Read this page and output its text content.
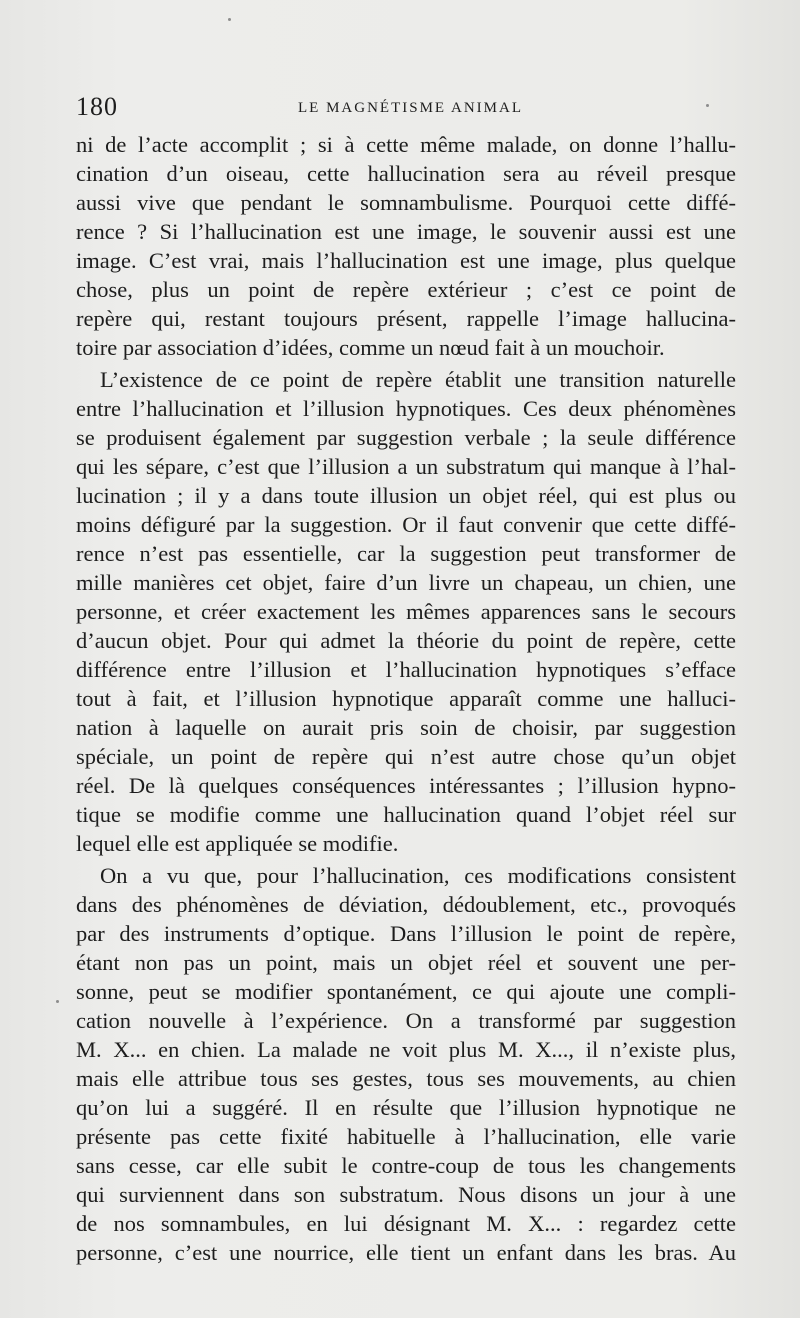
180	LE MAGNÉTISME ANIMAL
ni de l’acte accomplit ; si à cette même malade, on donne l’hallu-
cination d’un oiseau, cette hallucination sera au réveil presque
aussi vive que pendant le somnambulisme. Pourquoi cette diffé-
rence ? Si l’hallucination est une image, le souvenir aussi est une
image. C’est vrai, mais l’hallucination est une image, plus quelque
chose, plus un point de repère extérieur ; c’est ce point de
repère qui, restant toujours présent, rappelle l’image hallucina-
toire par association d’idées, comme un nœud fait à un mouchoir.
L’existence de ce point de repère établit une transition naturelle
entre l’hallucination et l’illusion hypnotiques. Ces deux phénomènes
se produisent également par suggestion verbale ; la seule différence
qui les sépare, c’est que l’illusion a un substratum qui manque à l’hal-
lucination ; il y a dans toute illusion un objet réel, qui est plus ou
moins défiguré par la suggestion. Or il faut convenir que cette diffé-
rence n’est pas essentielle, car la suggestion peut transformer de
mille manières cet objet, faire d’un livre un chapeau, un chien, une
personne, et créer exactement les mêmes apparences sans le secours
d’aucun objet. Pour qui admet la théorie du point de repère, cette
différence entre l’illusion et l’hallucination hypnotiques s’efface
tout à fait, et l’illusion hypnotique apparaît comme une halluci-
nation à laquelle on aurait pris soin de choisir, par suggestion
spéciale, un point de repère qui n’est autre chose qu’un objet
réel. De là quelques conséquences intéressantes ; l’illusion hypno-
tique se modifie comme une hallucination quand l’objet réel sur
lequel elle est appliquée se modifie.
On a vu que, pour l’hallucination, ces modifications consistent
dans des phénomènes de déviation, dédoublement, etc., provoqués
par des instruments d’optique. Dans l’illusion le point de repère,
étant non pas un point, mais un objet réel et souvent une per-
sonne, peut se modifier spontanément, ce qui ajoute une compli-
cation nouvelle à l’expérience. On a transformé par suggestion
M. X... en chien. La malade ne voit plus M. X..., il n’existe plus,
mais elle attribue tous ses gestes, tous ses mouvements, au chien
qu’on lui a suggéré. Il en résulte que l’illusion hypnotique ne
présente pas cette fixité habituelle à l’hallucination, elle varie
sans cesse, car elle subit le contre-coup de tous les changements
qui surviennent dans son substratum. Nous disons un jour à une
de nos somnambules, en lui désignant M. X... : regardez cette
personne, c’est une nourrice, elle tient un enfant dans les bras. Au
